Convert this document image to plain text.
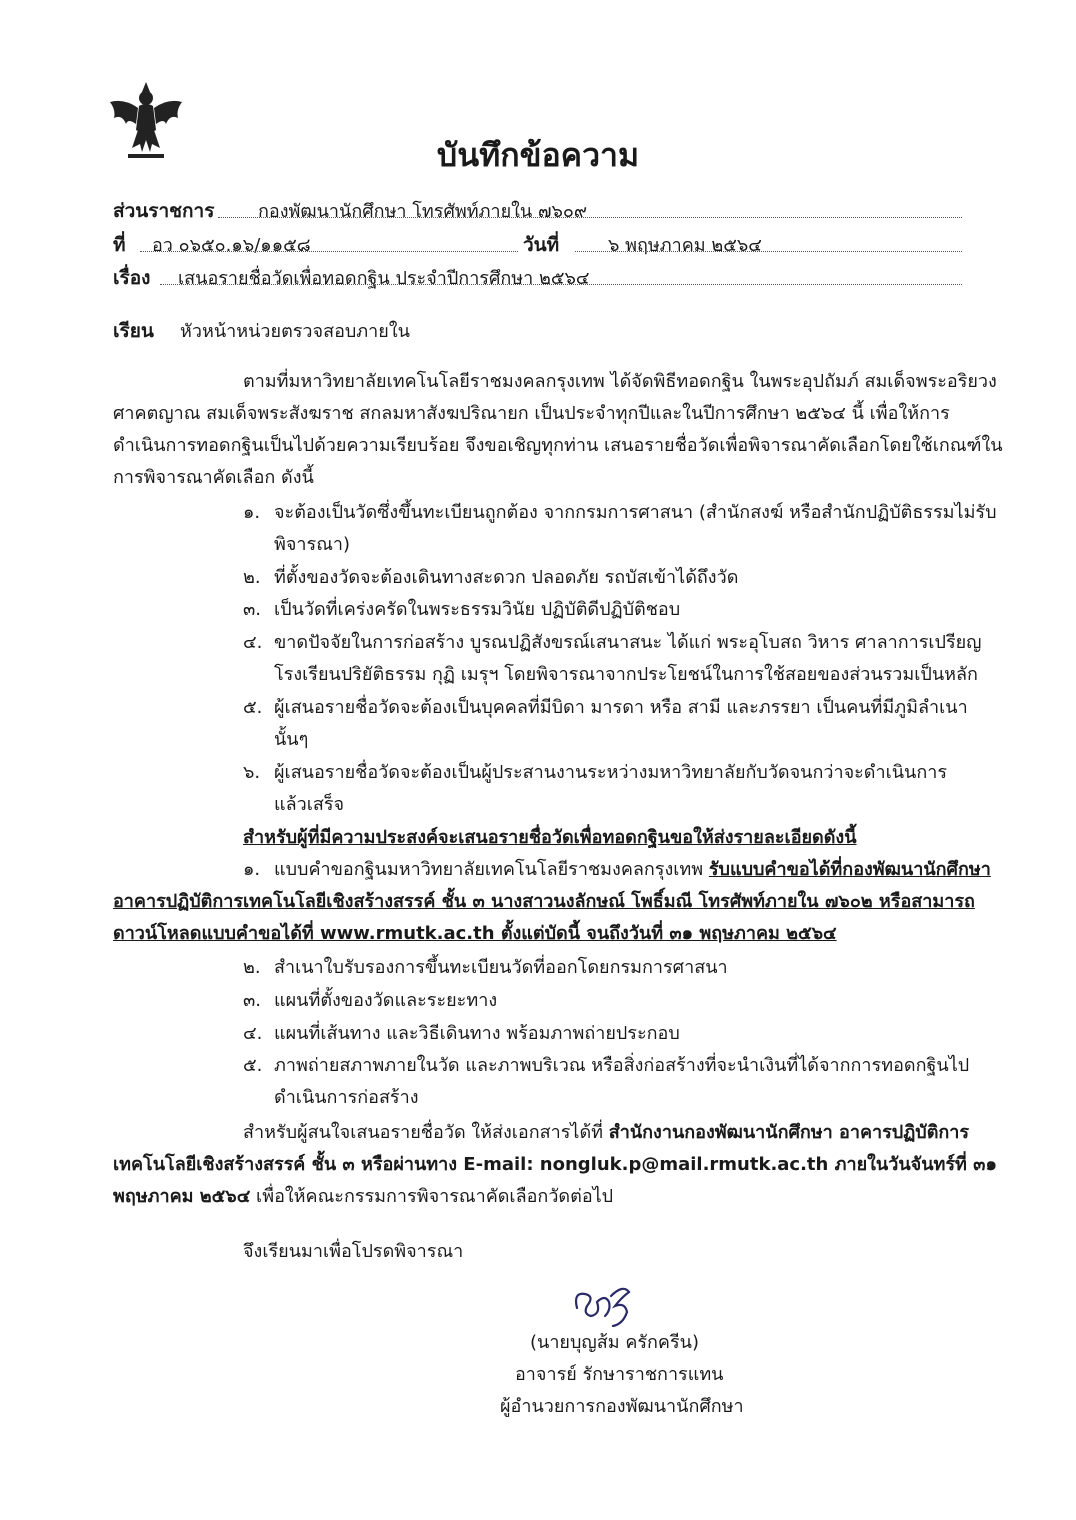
บันทึกข้อความ
ส่วนราชการ กองพัฒนานักศึกษา โทรศัพท์ภายใน ๗๖๐๙
ที่ อว ๐๖๕๐.๑๖/๑๑๕๘	วันที่	๖ พฤษภาคม ๒๕๖๔
เรื่อง เสนอรายชื่อวัดเพื่อทอดกฐิน ประจำปีการศึกษา ๒๕๖๔
เรียน หัวหน้าหน่วยตรวจสอบภายใน
ตามที่มหาวิทยาลัยเทคโนโลยีราชมงคลกรุงเทพ ได้จัดพิธีทอดกฐิน ในพระอุปถัมภ์ สมเด็จพระอริยวง
ศาคตญาณ สมเด็จพระสังฆราช สกลมหาสังฆปริณายก เป็นประจำทุกปีและในปีการศึกษา ๒๕๖๔ นี้ เพื่อให้การ
ดำเนินการทอดกฐินเป็นไปด้วยความเรียบร้อย จึงขอเชิญทุกท่าน เสนอรายชื่อวัดเพื่อพิจารณาคัดเลือกโดยใช้เกณฑ์ใน
การพิจารณาคัดเลือก ดังนี้
๑. จะต้องเป็นวัดซึ่งขึ้นทะเบียนถูกต้อง จากกรมการศาสนา (สำนักสงฆ์ หรือสำนักปฏิบัติธรรมไม่รับ
พิจารณา)
๒. ที่ตั้งของวัดจะต้องเดินทางสะดวก ปลอดภัย รถบัสเข้าได้ถึงวัด
๓. เป็นวัดที่เคร่งครัดในพระธรรมวินัย ปฏิบัติดีปฏิบัติชอบ
๔. ขาดปัจจัยในการก่อสร้าง บูรณปฏิสังขรณ์เสนาสนะ ได้แก่ พระอุโบสถ วิหาร ศาลาการเปรียญ
โรงเรียนปริยัติธรรม กุฏิ เมรุฯ โดยพิจารณาจากประโยชน์ในการใช้สอยของส่วนรวมเป็นหลัก
๕. ผู้เสนอรายชื่อวัดจะต้องเป็นบุคคลที่มีบิดา มารดา หรือ สามี และภรรยา เป็นคนที่มีภูมิลำเนา
นั้นๆ
๖. ผู้เสนอรายชื่อวัดจะต้องเป็นผู้ประสานงานระหว่างมหาวิทยาลัยกับวัดจนกว่าจะดำเนินการ
แล้วเสร็จ
สำหรับผู้ที่มีความประสงค์จะเสนอรายชื่อวัดเพื่อทอดกฐินขอให้ส่งรายละเอียดดังนี้
๑. แบบคำขอกฐินมหาวิทยาลัยเทคโนโลยีราชมงคลกรุงเทพ รับแบบคำขอได้ที่กองพัฒนานักศึกษา
อาคารปฏิบัติการเทคโนโลยีเชิงสร้างสรรค์ ชั้น ๓ นางสาวนงลักษณ์ โพธิ์มณี โทรศัพท์ภายใน ๗๖๐๒ หรือสามารถ
ดาวน์โหลดแบบคำขอได้ที่ www.rmutk.ac.th ตั้งแต่บัดนี้ จนถึงวันที่ ๓๑ พฤษภาคม ๒๕๖๔
๒. สำเนาใบรับรองการขึ้นทะเบียนวัดที่ออกโดยกรมการศาสนา
๓. แผนที่ตั้งของวัดและระยะทาง
๔. แผนที่เส้นทาง และวิธีเดินทาง พร้อมภาพถ่ายประกอบ
๕. ภาพถ่ายสภาพภายในวัด และภาพบริเวณ หรือสิ่งก่อสร้างที่จะนำเงินที่ได้จากการทอดกฐินไป
ดำเนินการก่อสร้าง
สำหรับผู้สนใจเสนอรายชื่อวัด ให้ส่งเอกสารได้ที่ สำนักงานกองพัฒนานักศึกษา อาคารปฏิบัติการ
เทคโนโลยีเชิงสร้างสรรค์ ชั้น ๓ หรือผ่านทาง E-mail: nongluk.p@mail.rmutk.ac.th ภายในวันจันทร์ที่ ๓๑
พฤษภาคม ๒๕๖๔ เพื่อให้คณะกรรมการพิจารณาคัดเลือกวัดต่อไป
จึงเรียนมาเพื่อโปรดพิจารณา
(นายบุญส้ม ครักครีน)
อาจารย์ รักษาราชการแทน
ผู้อำนวยการกองพัฒนานักศึกษา
